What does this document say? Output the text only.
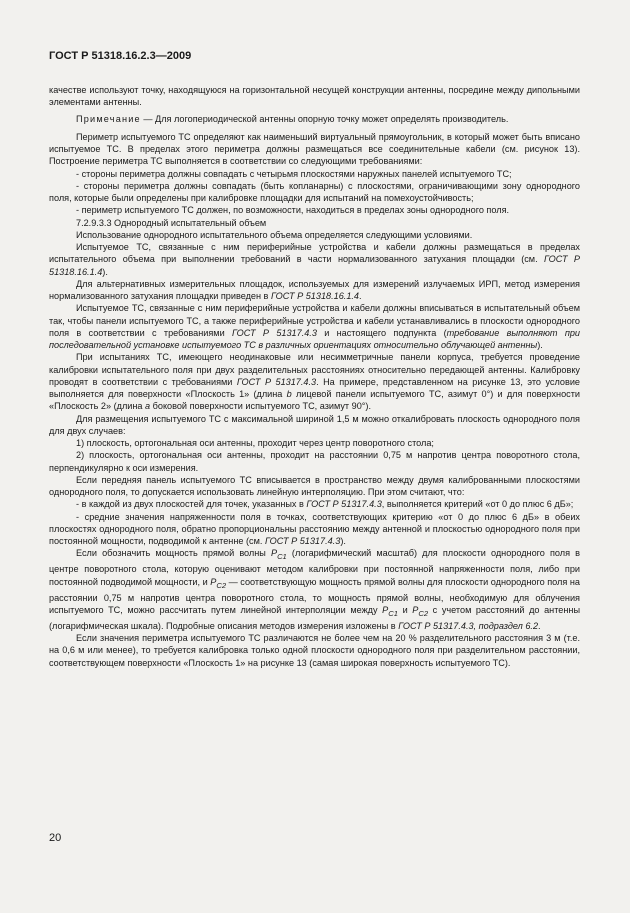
ГОСТ Р 51318.16.2.3—2009

качестве используют точку, находящуюся на горизонтальной несущей конструкции антенны, посредине между дипольными элементами антенны.

Примечание — Для логопериодической антенны опорную точку может определять производитель.

Периметр испытуемого ТС определяют как наименьший виртуальный прямоугольник, в который может быть вписано испытуемое ТС. В пределах этого периметра должны размещаться все соединительные кабели (см. рисунок 13). Построение периметра ТС выполняется в соответствии со следующими требованиями:

- стороны периметра должны совпадать с четырьмя плоскостями наружных панелей испытуемого ТС;

- стороны периметра должны совпадать (быть копланарны) с плоскостями, ограничивающими зону однородного поля, которые были определены при калибровке площадки для испытаний на помехоустойчивость;

- периметр испытуемого ТС должен, по возможности, находиться в пределах зоны однородного поля.

7.2.9.3.3 Однородный испытательный объем

Использование однородного испытательного объема определяется следующими условиями.

Испытуемое ТС, связанные с ним периферийные устройства и кабели должны размещаться в пределах испытательного объема при выполнении требований в части нормализованного затухания площадки (см. ГОСТ Р 51318.16.1.4).

Для альтернативных измерительных площадок, используемых для измерений излучаемых ИРП, метод измерения нормализованного затухания площадки приведен в ГОСТ Р 51318.16.1.4.

Испытуемое ТС, связанные с ним периферийные устройства и кабели должны вписываться в испытательный объем так, чтобы панели испытуемого ТС, а также периферийные устройства и кабели устанавливались в плоскости однородного поля в соответствии с требованиями ГОСТ Р 51317.4.3 и настоящего подпункта (требование выполняют при последовательной установке испытуемого ТС в различных ориентациях относительно облучающей антенны).

При испытаниях ТС, имеющего неодинаковые или несимметричные панели корпуса, требуется проведение калибровки испытательного поля при двух разделительных расстояниях относительно передающей антенны. Калибровку проводят в соответствии с требованиями ГОСТ Р 51317.4.3. На примере, представленном на рисунке 13, это условие выполняется для поверхности «Плоскость 1» (длина b лицевой панели испытуемого ТС, азимут 0°) и для поверхности «Плоскость 2» (длина a боковой поверхности испытуемого ТС, азимут 90°).

Для размещения испытуемого ТС с максимальной шириной 1,5 м можно откалибровать плоскость однородного поля для двух случаев:

1) плоскость, ортогональная оси антенны, проходит через центр поворотного стола;

2) плоскость, ортогональная оси антенны, проходит на расстоянии 0,75 м напротив центра поворотного стола, перпендикулярно к оси измерения.

Если передняя панель испытуемого ТС вписывается в пространство между двумя калиброванными плоскостями однородного поля, то допускается использовать линейную интерполяцию. При этом считают, что:

- в каждой из двух плоскостей для точек, указанных в ГОСТ Р 51317.4.3, выполняется критерий «от 0 до плюс 6 дБ»;

- средние значения напряженности поля в точках, соответствующих критерию «от 0 до плюс 6 дБ» в обеих плоскостях однородного поля, обратно пропорциональны расстоянию между антенной и плоскостью однородного поля при постоянной мощности, подводимой к антенне (см. ГОСТ Р 51317.4.3).

Если обозначить мощность прямой волны $P_{C1}$ (логарифмический масштаб) для плоскости однородного поля в центре поворотного стола, которую оценивают методом калибровки при постоянной напряженности поля, либо при постоянной подводимой мощности, и $P_{C2}$ — соответствующую мощность прямой волны для плоскости однородного поля на расстоянии 0,75 м напротив центра поворотного стола, то мощность прямой волны, необходимую для облучения испытуемого ТС, можно рассчитать путем линейной интерполяции между $P_{C1}$ и $P_{C2}$ с учетом расстояний до антенны (логарифмическая шкала). Подробные описания методов измерения изложены в ГОСТ Р 51317.4.3, подраздел 6.2.

Если значения периметра испытуемого ТС различаются не более чем на 20 % разделительного расстояния 3 м (т.е. на 0,6 м или менее), то требуется калибровка только одной плоскости однородного поля при разделительном расстоянии, соответствующем поверхности «Плоскость 1» на рисунке 13 (самая широкая поверхность испытуемого ТС).

20
